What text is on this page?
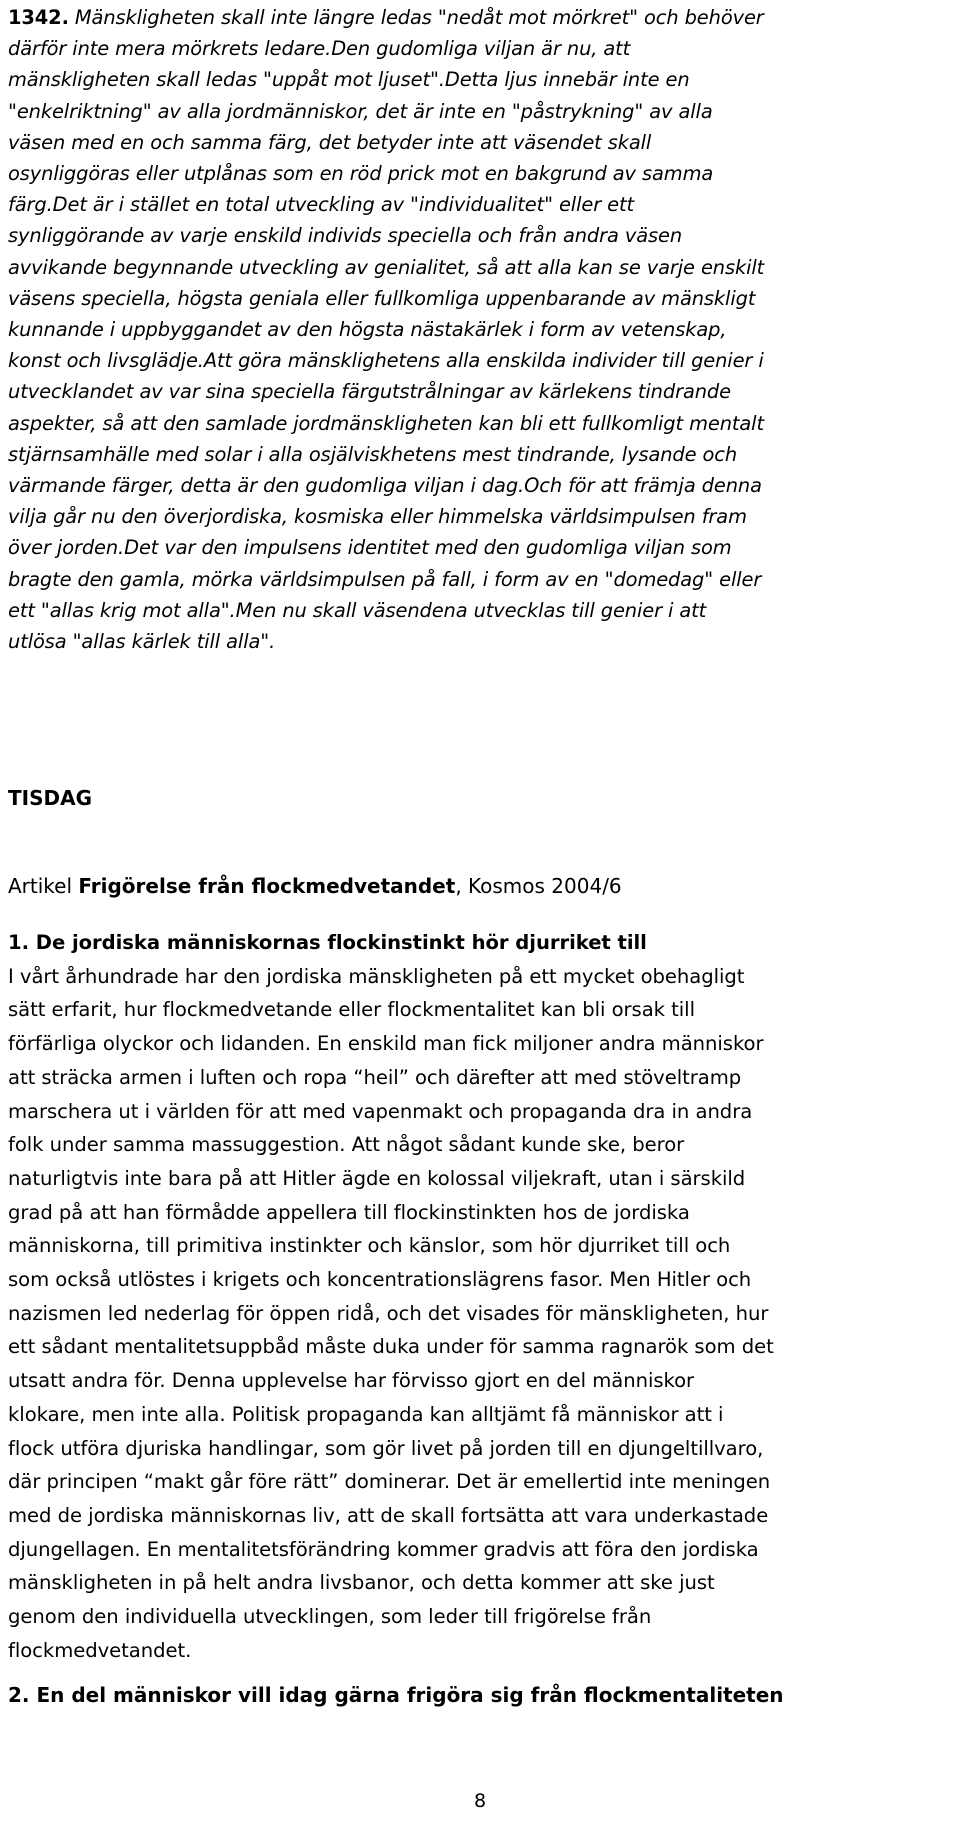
1342. Mänskligheten skall inte längre ledas "nedåt mot mörkret" och behöver
därför inte mera mörkrets ledare.Den gudomliga viljan är nu, att
mänskligheten skall ledas "uppåt mot ljuset".Detta ljus innebär inte en
"enkelriktning" av alla jordmänniskor, det är inte en "påstrykning" av alla
väsen med en och samma färg, det betyder inte att väsendet skall
osynliggöras eller utplånas som en röd prick mot en bakgrund av samma
färg.Det är i stället en total utveckling av "individualitet" eller ett
synliggörande av varje enskild individs speciella och från andra väsen
avvikande begynnande utveckling av genialitet, så att alla kan se varje enskilt
väsens speciella, högsta geniala eller fullkomliga uppenbarande av mänskligt
kunnande i uppbyggandet av den högsta nästakärlek i form av vetenskap,
konst och livsglädje.Att göra mänsklighetens alla enskilda individer till genier i
utvecklandet av var sina speciella färgutstrålningar av kärlekens tindrande
aspekter, så att den samlade jordmänskligheten kan bli ett fullkomligt mentalt
stjärnsamhälle med solar i alla osjälviskhetens mest tindrande, lysande och
värmande färger, detta är den gudomliga viljan i dag.Och för att främja denna
vilja går nu den överjordiska, kosmiska eller himmelska världsimpulsen fram
över jorden.Det var den impulsens identitet med den gudomliga viljan som
bragte den gamla, mörka världsimpulsen på fall, i form av en "domedag" eller
ett "allas krig mot alla".Men nu skall väsendena utvecklas till genier i att
utlösa "allas kärlek till alla".
TISDAG
Artikel Frigörelse från flockmedvetandet, Kosmos 2004/6
1. De jordiska människornas flockinstinkt hör djurriket till
I vårt århundrade har den jordiska mänskligheten på ett mycket obehagligt
sätt erfarit, hur flockmedvetande eller flockmentalitet kan bli orsak till
förfärliga olyckor och lidanden. En enskild man fick miljoner andra människor
att sträcka armen i luften och ropa “heil” och därefter att med stöveltramp
marschera ut i världen för att med vapenmakt och propaganda dra in andra
folk under samma massuggestion. Att något sådant kunde ske, beror
naturligtvis inte bara på att Hitler ägde en kolossal viljekraft, utan i särskild
grad på att han förmådde appellera till flockinstinkten hos de jordiska
människorna, till primitiva instinkter och känslor, som hör djurriket till och
som också utlöstes i krigets och koncentrationslägrens fasor. Men Hitler och
nazismen led nederlag för öppen ridå, och det visades för mänskligheten, hur
ett sådant mentalitetsuppbåd måste duka under för samma ragnarök som det
utsatt andra för. Denna upplevelse har förvisso gjort en del människor
klokare, men inte alla. Politisk propaganda kan alltjämt få människor att i
flock utföra djuriska handlingar, som gör livet på jorden till en djungeltillvaro,
där principen “makt går före rätt” dominerar. Det är emellertid inte meningen
med de jordiska människornas liv, att de skall fortsätta att vara underkastade
djungellagen. En mentalitetsförändring kommer gradvis att föra den jordiska
mänskligheten in på helt andra livsbanor, och detta kommer att ske just
genom den individuella utvecklingen, som leder till frigörelse från
flockmedvetandet.
2. En del människor vill idag gärna frigöra sig från flockmentaliteten
8
